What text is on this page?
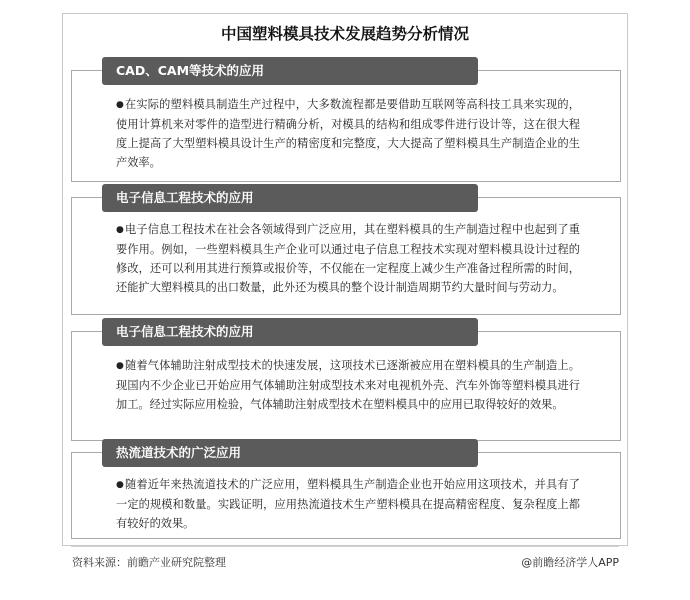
中国塑料模具技术发展趋势分析情况
CAD、CAM等技术的应用
●在实际的塑料模具制造生产过程中，大多数流程都是要借助互联网等高科技工具来实现的，使用计算机来对零件的造型进行精确分析，对模具的结构和组成零件进行设计等，这在很大程度上提高了大型塑料模具设计生产的精密度和完整度，大大提高了塑料模具生产制造企业的生产效率。
电子信息工程技术的应用
●电子信息工程技术在社会各领域得到广泛应用，其在塑料模具的生产制造过程中也起到了重要作用。例如，一些塑料模具生产企业可以通过电子信息工程技术实现对塑料模具设计过程的修改，还可以利用其进行预算或报价等，不仅能在一定程度上减少生产准备过程所需的时间，还能扩大塑料模具的出口数量，此外还为模具的整个设计制造周期节约大量时间与劳动力。
电子信息工程技术的应用
●随着气体辅助注射成型技术的快速发展，这项技术已逐渐被应用在塑料模具的生产制造上。现国内不少企业已开始应用气体辅助注射成型技术来对电视机外壳、汽车外饰等塑料模具进行加工。经过实际应用检验，气体辅助注射成型技术在塑料模具中的应用已取得较好的效果。
热流道技术的广泛应用
●随着近年来热流道技术的广泛应用，塑料模具生产制造企业也开始应用这项技术，并具有了一定的规模和数量。实践证明，应用热流道技术生产塑料模具在提高精密程度、复杂程度上都有较好的效果。
资料来源：前瞻产业研究院整理	@前瞻经济学人APP
